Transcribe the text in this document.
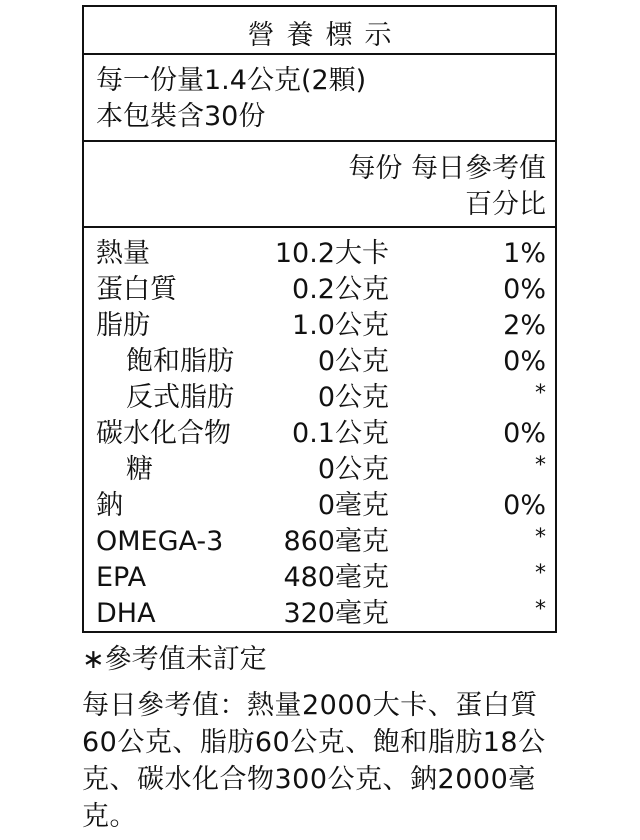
營養標示
每一份量1.4公克(2顆)
本包裝含30份
每份 每日參考值
百分比
熱量	10.2大卡	1%
蛋白質	0.2公克	0%
脂肪	1.0公克	2%
飽和脂肪	0公克	0%
反式脂肪	0公克	*
碳水化合物 0.1公克	0%
糖	0公克	*
鈉	0毫克	0%
OMEGA-3 860毫克	*
EPA	480毫克	*
DHA	320毫克	*
∗參考值未訂定
每日參考值：熱量2000大卡、蛋白質60公克、脂肪60公克、飽和脂肪18公克、碳水化合物300公克、鈉2000毫克。
